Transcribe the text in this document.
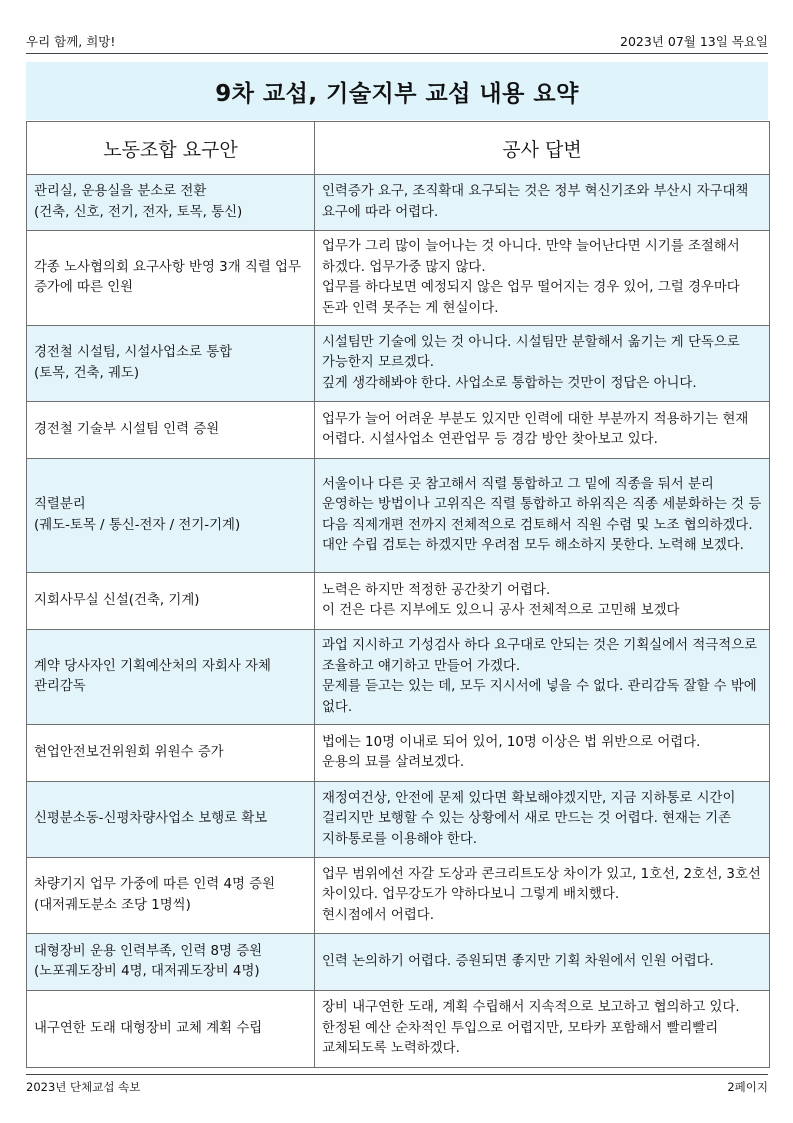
우리 함께, 희망!	2023년 07월 13일 목요일
9차 교섭, 기술지부 교섭 내용 요약
노동조합 요구안	공사 답변

관리실, 운용실을 분소로 전환
(건축, 신호, 전기, 전자, 토목, 통신)	인력증가 요구, 조직확대 요구되는 것은 정부 혁신기조와 부산시 자구대책 요구에 따라 어렵다.

각종 노사협의회 요구사항 반영 3개 직렬 업무 증가에 따른 인원	업무가 그리 많이 늘어나는 것 아니다. 만약 늘어난다면 시기를 조절해서 하겠다. 업무가중 많지 않다.
업무를 하다보면 예정되지 않은 업무 떨어지는 경우 있어, 그럴 경우마다 돈과 인력 못주는 게 현실이다.

경전철 시설팀, 시설사업소로 통합
(토목, 건축, 궤도)	시설팀만 기술에 있는 것 아니다. 시설팀만 분할해서 옮기는 게 단독으로 가능한지 모르겠다.
깊게 생각해봐야 한다. 사업소로 통합하는 것만이 정답은 아니다.

경전철 기술부 시설팀 인력 증원	업무가 늘어 어려운 부분도 있지만 인력에 대한 부분까지 적용하기는 현재 어렵다. 시설사업소 연관업무 등 경감 방안 찾아보고 있다.

직렬분리
(궤도-토목 / 통신-전자 / 전기-기계)	서울이나 다른 곳 참고해서 직렬 통합하고 그 밑에 직종을 둬서 분리 운영하는 방법이나 고위직은 직렬 통합하고 하위직은 직종 세분화하는 것 등 다음 직제개편 전까지 전체적으로 검토해서 직원 수렴 및 노조 협의하겠다. 대안 수립 검토는 하겠지만 우려점 모두 해소하지 못한다. 노력해 보겠다.

지회사무실 신설(건축, 기계)	노력은 하지만 적정한 공간찾기 어렵다.
이 건은 다른 지부에도 있으니 공사 전체적으로 고민해 보겠다

계약 당사자인 기획예산처의 자회사 자체 관리감독	과업 지시하고 기성검사 하다 요구대로 안되는 것은 기획실에서 적극적으로 조율하고 얘기하고 만들어 가겠다.
문제를 듣고는 있는 데, 모두 지시서에 넣을 수 없다. 관리감독 잘할 수 밖에 없다.

현업안전보건위원회 위원수 증가	법에는 10명 이내로 되어 있어, 10명 이상은 법 위반으로 어렵다.
운용의 묘를 살려보겠다.

신평분소동-신평차량사업소 보행로 확보	재정여건상, 안전에 문제 있다면 확보해야겠지만, 지금 지하통로 시간이 걸리지만 보행할 수 있는 상황에서 새로 만드는 것 어렵다. 현재는 기존 지하통로를 이용해야 한다.

차량기지 업무 가중에 따른 인력 4명 증원
(대저궤도분소 조당 1명씩)	업무 범위에선 자갈 도상과 콘크리트도상 차이가 있고, 1호선, 2호선, 3호선 차이있다. 업무강도가 약하다보니 그렇게 배치했다.
현시점에서 어렵다.

대형장비 운용 인력부족, 인력 8명 증원
(노포궤도장비 4명, 대저궤도장비 4명)	인력 논의하기 어렵다. 증원되면 좋지만 기획 차원에서 인원 어렵다.

내구연한 도래 대형장비 교체 계획 수립	장비 내구연한 도래, 계획 수립해서 지속적으로 보고하고 협의하고 있다. 한정된 예산 순차적인 투입으로 어렵지만, 모타카 포함해서 빨리빨리 교체되도록 노력하겠다.
2023년 단체교섭 속보	2페이지
